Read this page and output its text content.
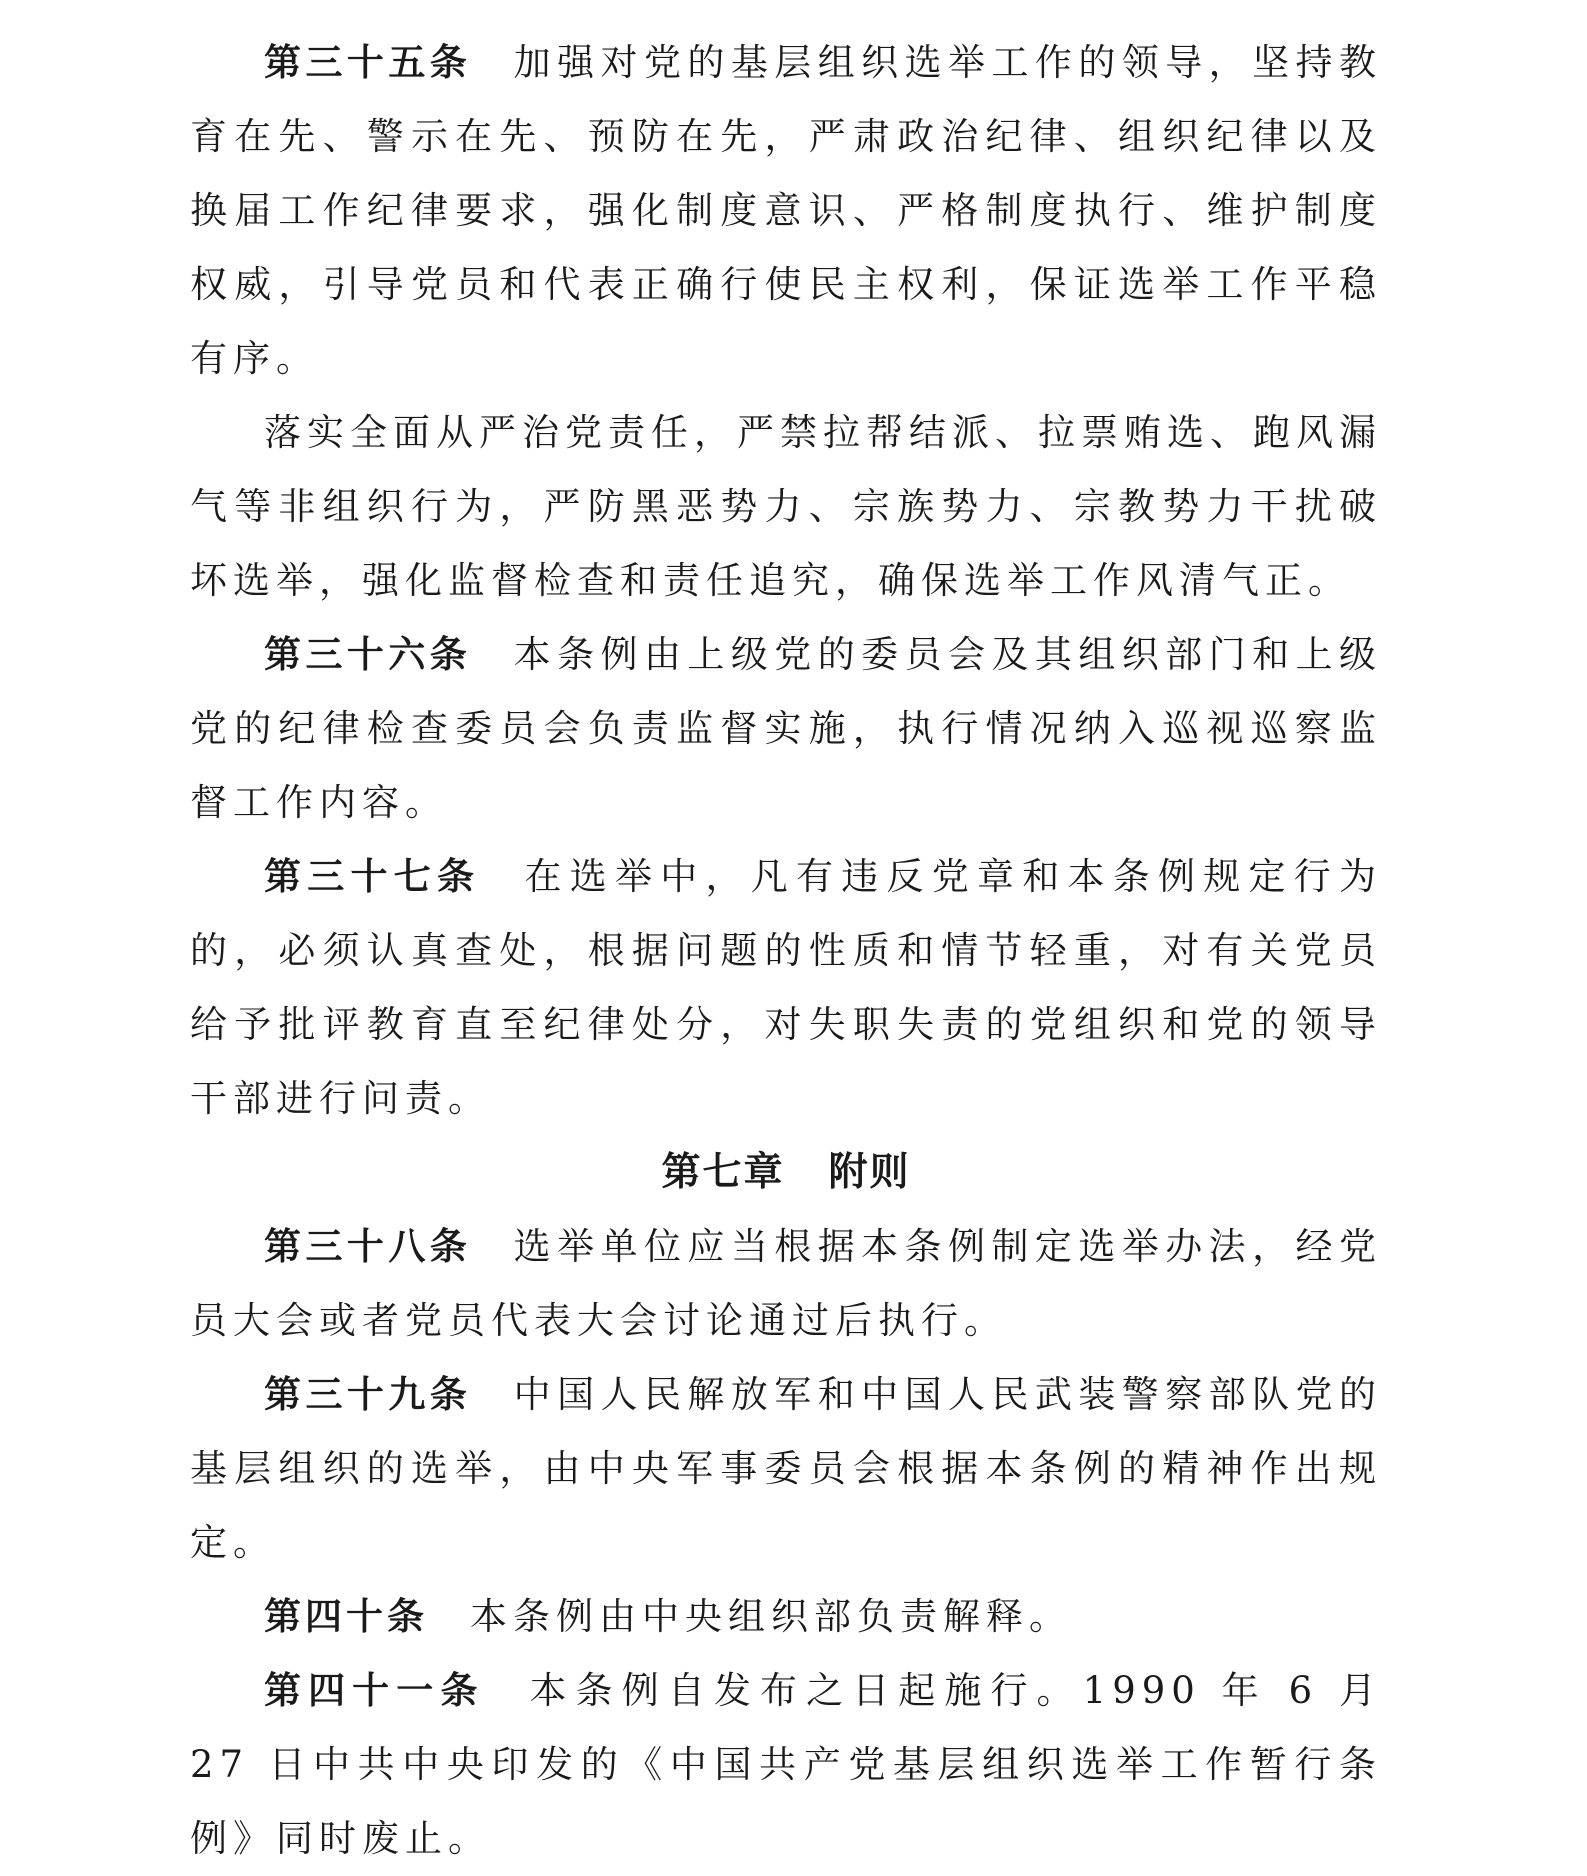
第三十五条 加强对党的基层组织选举工作的领导，坚持教育在先、警示在先、预防在先，严肃政治纪律、组织纪律以及换届工作纪律要求，强化制度意识、严格制度执行、维护制度权威，引导党员和代表正确行使民主权利，保证选举工作平稳有序。

落实全面从严治党责任，严禁拉帮结派、拉票贿选、跑风漏气等非组织行为，严防黑恶势力、宗族势力、宗教势力干扰破坏选举，强化监督检查和责任追究，确保选举工作风清气正。

第三十六条 本条例由上级党的委员会及其组织部门和上级党的纪律检查委员会负责监督实施，执行情况纳入巡视巡察监督工作内容。

第三十七条 在选举中，凡有违反党章和本条例规定行为的，必须认真查处，根据问题的性质和情节轻重，对有关党员给予批评教育直至纪律处分，对失职失责的党组织和党的领导干部进行问责。

第七章 附则

第三十八条 选举单位应当根据本条例制定选举办法，经党员大会或者党员代表大会讨论通过后执行。

第三十九条 中国人民解放军和中国人民武装警察部队党的基层组织的选举，由中央军事委员会根据本条例的精神作出规定。

第四十条 本条例由中央组织部负责解释。

第四十一条 本条例自发布之日起施行。1990 年 6 月 27 日中共中央印发的《中国共产党基层组织选举工作暂行条例》同时废止。
